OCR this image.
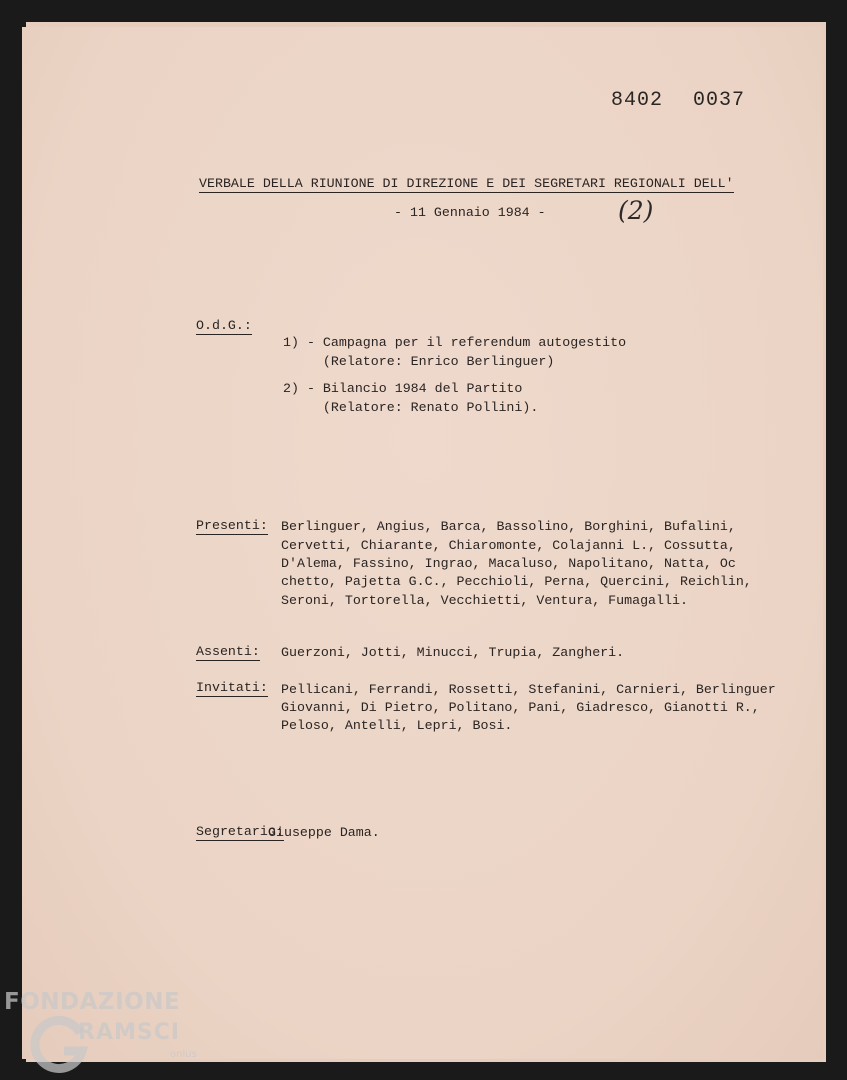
8402 0037
VERBALE DELLA RIUNIONE DI DIREZIONE E DEI SEGRETARI REGIONALI DELL'
- 11 Gennaio 1984 -	(2)
O.d.G.:
1) - Campagna per il referendum autogestito
(Relatore: Enrico Berlinguer)
2) - Bilancio 1984 del Partito
(Relatore: Renato Pollini).
Presenti: Berlinguer, Angius, Barca, Bassolino, Borghini, Bufalini,
Cervetti, Chiarante, Chiaromonte, Colajanni L., Cossutta,
D'Alema, Fassino, Ingrao, Macaluso, Napolitano, Natta, Oc
chetto, Pajetta G.C., Pecchioli, Perna, Quercini, Reichlin,
Seroni, Tortorella, Vecchietti, Ventura, Fumagalli.
Assenti: Guerzoni, Jotti, Minucci, Trupia, Zangheri.
Invitati: Pellicani, Ferrandi, Rossetti, Stefanini, Carnieri, Berlinguer
Giovanni, Di Pietro, Politano, Pani, Giadresco, Gianotti R.,
Peloso, Antelli, Lepri, Bosi.
Segretario:
Giuseppe Dama.
FONDAZIONE
RAMSCI
onlus
